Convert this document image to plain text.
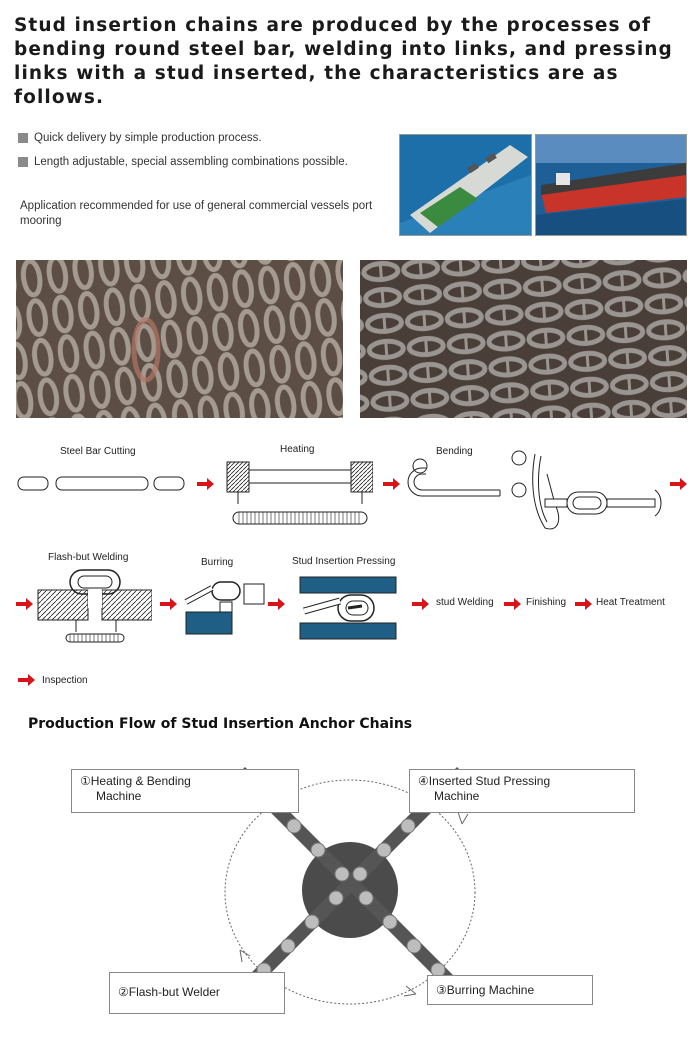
Stud insertion chains are produced by the processes of bending round steel bar, welding into links, and pressing links with a stud inserted, the characteristics are as follows.

Quick delivery by simple production process.
Length adjustable, special assembling combinations possible.
Application recommended for use of general commercial vessels port mooring
Steel Bar Cutting	Heating	Bending
Flash-but Welding	Burring	Stud Insertion Pressing
stud Welding	Finishing	Heat Treatment
Inspection
Production Flow of Stud Insertion Anchor Chains
①Heating & Bending
Machine
④Inserted Stud Pressing
Machine
②Flash-but Welder	③Burring Machine
